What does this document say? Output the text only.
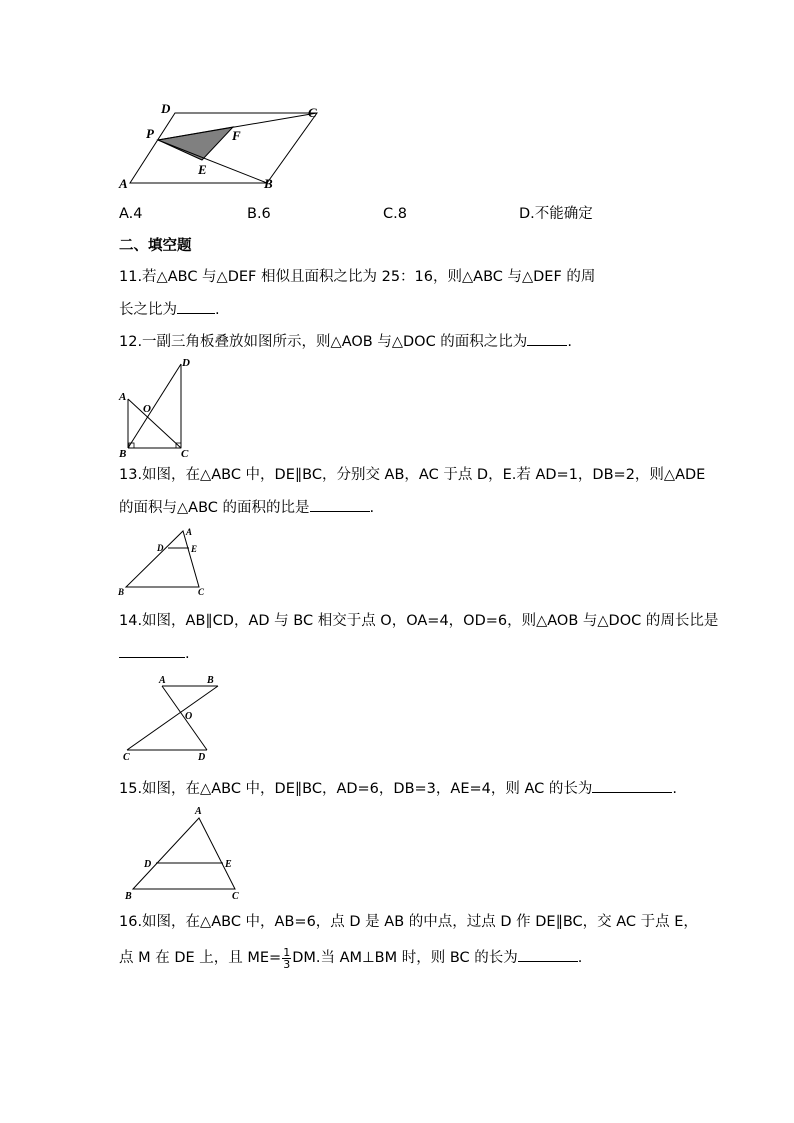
D	C
P	F
E
A	B
A.4	B.6	C.8	D.不能确定
二、填空题
11.若△ABC 与△DEF 相似且面积之比为 25：16，则△ABC 与△DEF 的周
长之比为	.
12.一副三角板叠放如图所示，则△AOB 与△DOC 的面积之比为	.
D
A
O
B	C
13.如图，在△ABC 中，DE∥BC，分别交 AB，AC 于点 D，E.若 AD=1，DB=2，则△ADE
的面积与△ABC 的面积的比是	.
A
D	E
B	C
14.如图，AB∥CD，AD 与 BC 相交于点 O，OA=4，OD=6，则△AOB 与△DOC 的周长比是
.
A	B
O
C	D
15.如图，在△ABC 中，DE∥BC，AD=6，DB=3，AE=4，则 AC 的长为	.
A
D	E
B	C
16.如图，在△ABC 中，AB=6，点 D 是 AB 的中点，过点 D 作 DE∥BC，交 AC 于点 E，
点 M 在 DE 上，且 $ME= \frac{1}{3}$ DM.当 AM⊥BM 时，则 BC 的长为	.
